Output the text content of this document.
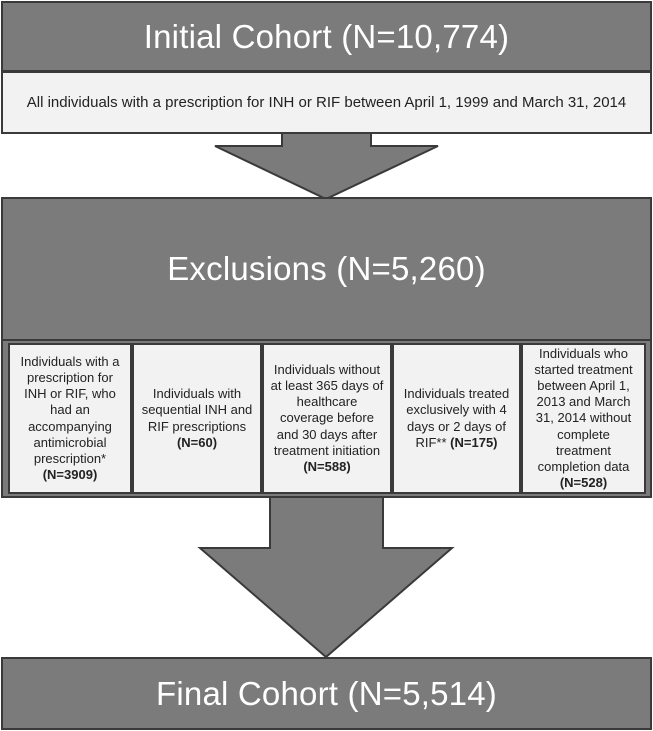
Initial Cohort (N=10,774)
All individuals with a prescription for INH or RIF between April 1, 1999 and March 31, 2014
Exclusions (N=5,260)
Individuals with a prescription for INH or RIF, who had an accompanying antimicrobial prescription* (N=3909)
Individuals with sequential INH and RIF prescriptions (N=60)
Individuals without at least 365 days of healthcare coverage before and 30 days after treatment initiation (N=588)
Individuals treated exclusively with 4 days or 2 days of RIF** (N=175)
Individuals who started treatment between April 1, 2013 and March 31, 2014 without complete treatment completion data (N=528)
Final Cohort (N=5,514)
